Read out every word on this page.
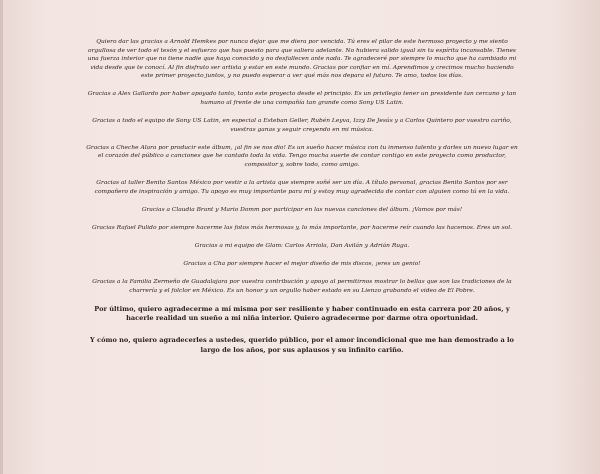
Quiero dar las gracias a Arnold Hemkes por nunca dejar que me diera por vencida. Tú eres el pilar de este hermoso proyecto y me siento orgullosa de ver todo el tesón y el esfuerzo que has puesto para que saliera adelante. No hubiera salido igual sin tu espíritu incansable. Tienes una fuerza interior que no tiene nadie que haya conocido y no desfallecen ante nada. Te agradeceré por siempre lo mucho que ha cambiado mi vida desde que te conocí. Al fin disfruto ser artista y estar en este mundo. Gracias por confiar en mí. Aprendimos y crecimos mucho haciendo este primer proyecto juntos, y no puedo esperar a ver qué más nos depara el futuro. Te amo, todos los días.

Gracias a Alex Gallardo por haber apoyado tanto, tanto este proyecto desde el principio. Es un privilegio tener un presidente tan cercano y tan humano al frente de una compañía tan grande como Sony US Latin.

Gracias a todo el equipo de Sony US Latin, en especial a Esteban Geller, Rubén Leyva, Izzy De Jesús y a Carlos Quintero por vuestro cariño, vuestras ganas y seguir creyendo en mi música.

Gracias a Cheche Alara por producir este álbum, ¡al fin se nos dio! Es un sueño hacer música con tu inmenso talento y darles un nuevo lugar en el corazón del público a canciones que he cantado toda la vida. Tengo mucha suerte de contar contigo en este proyecto como productor, compositor y, sobre todo, como amigo.

Gracias al taller Benito Santos México por vestir a la artista que siempre soñé ser un día. A título personal, gracias Benito Santos por ser compañero de inspiración y amigo. Tu apoyo es muy importante para mí y estoy muy agradecida de contar con alguien como tú en la vida.

Gracias a Claudia Brant y Mario Domm por participar en las nuevas canciones del álbum. ¡Vamos por más!

Gracias Rafael Pulido por siempre hacerme las fotos más hermosas y, lo más importante, por hacerme reír cuando las hacemos. Eres un sol.

Gracias a mi equipo de Glam: Carlos Arriola, Dan Avilán y Adrián Ruga.

Gracias a Cha por siempre hacer el mejor diseño de mis discos, ¡eres un genio!

Gracias a la Familia Zermeño de Guadalajara por vuestra contribución y apoyo al permitirnos mostrar lo bellas que son las tradiciones de la charrería y el folclor en México. Es un honor y un orgullo haber estado en su Lienzo grabando el video de El Pobre.

Por último, quiero agradecerme a mí misma por ser resiliente y haber continuado en esta carrera por 20 años, y hacerle realidad un sueño a mi niña interior. Quiero agradecerme por darme otra oportunidad.

Y cómo no, quiero agradecerles a ustedes, querido público, por el amor incondicional que me han demostrado a lo largo de los años, por sus aplausos y su infinito cariño.
